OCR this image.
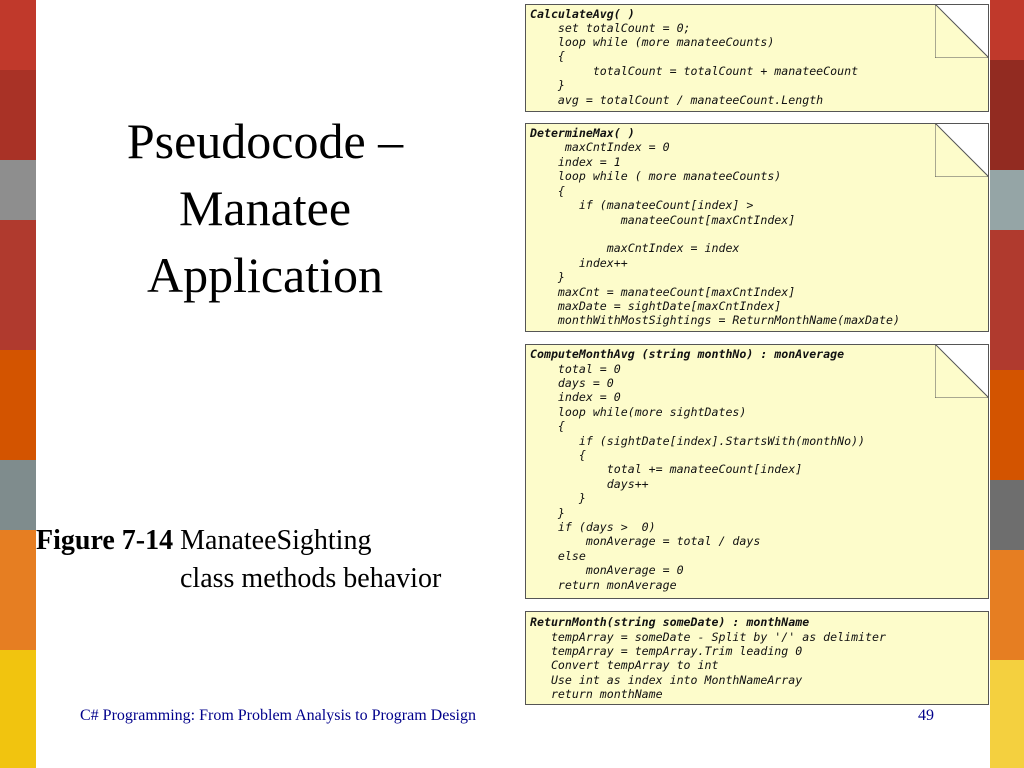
Pseudocode –
Manatee
Application
Figure 7-14 ManateeSighting
class methods behavior
CalculateAvg( )
set totalCount = 0;
loop while (more manateeCounts)
{
totalCount = totalCount + manateeCount
}
avg = totalCount / manateeCount.Length
DetermineMax( )
maxCntIndex = 0
index = 1
loop while ( more manateeCounts)
{
if (manateeCount[index] >
manateeCount[maxCntIndex]
maxCntIndex = index
index++
}
maxCnt = manateeCount[maxCntIndex]
maxDate = sightDate[maxCntIndex]
monthWithMostSightings = ReturnMonthName(maxDate)
ComputeMonthAvg (string monthNo) : monAverage
total = 0
days = 0
index = 0
loop while(more sightDates)
{
if (sightDate[index].StartsWith(monthNo))
{
total += manateeCount[index]
days++
}
}
if (days >  0)
monAverage = total / days
else
monAverage = 0
return monAverage
ReturnMonth(string someDate) : monthName
tempArray = someDate - Split by '/' as delimiter
tempArray = tempArray.Trim leading 0
Convert tempArray to int
Use int as index into MonthNameArray
return monthName
C# Programming: From Problem Analysis to Program Design	49
